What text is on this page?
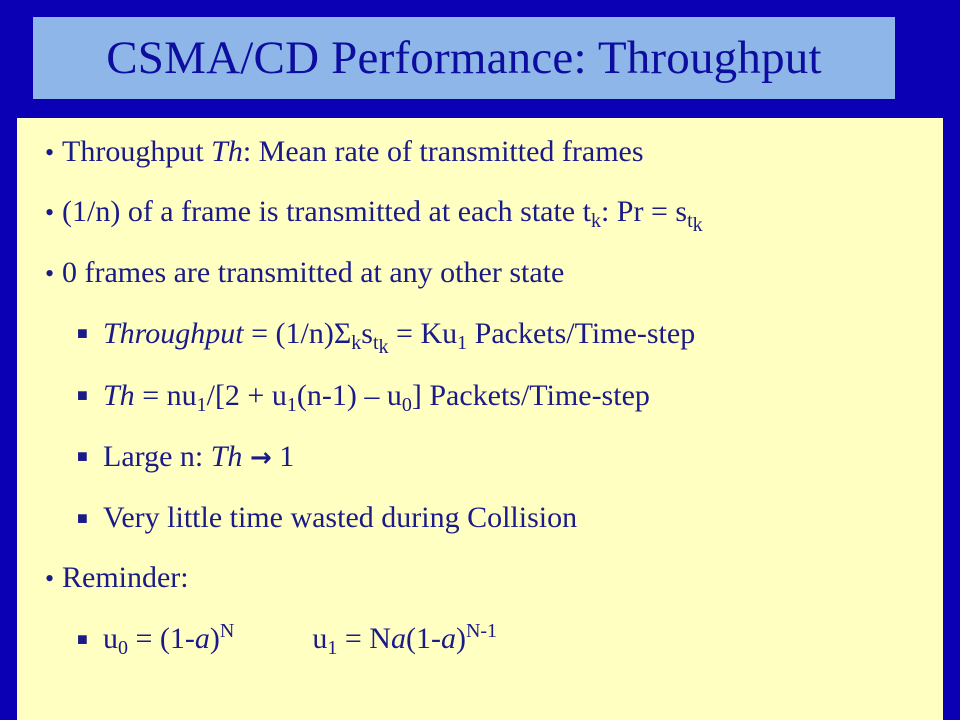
CSMA/CD Performance: Throughput
• Throughput Th: Mean rate of transmitted frames
• (1/n) of a frame is transmitted at each state $t_k$: $Pr = s_{t_k}$
• 0 frames are transmitted at any other state
■ Throughput = $(1/n)\Sigma_ks_{t_k} = Ku_1$ Packets/Time-step
■ $Th = nu_1/[2 + u_1(n-1) - u_0]$ Packets/Time-step
■ Large n: Th → 1
■ Very little time wasted during Collision
• Reminder:
■ $u_0 = (1-a)^N$	$u_1 = Na(1-a)^{N-1}$
